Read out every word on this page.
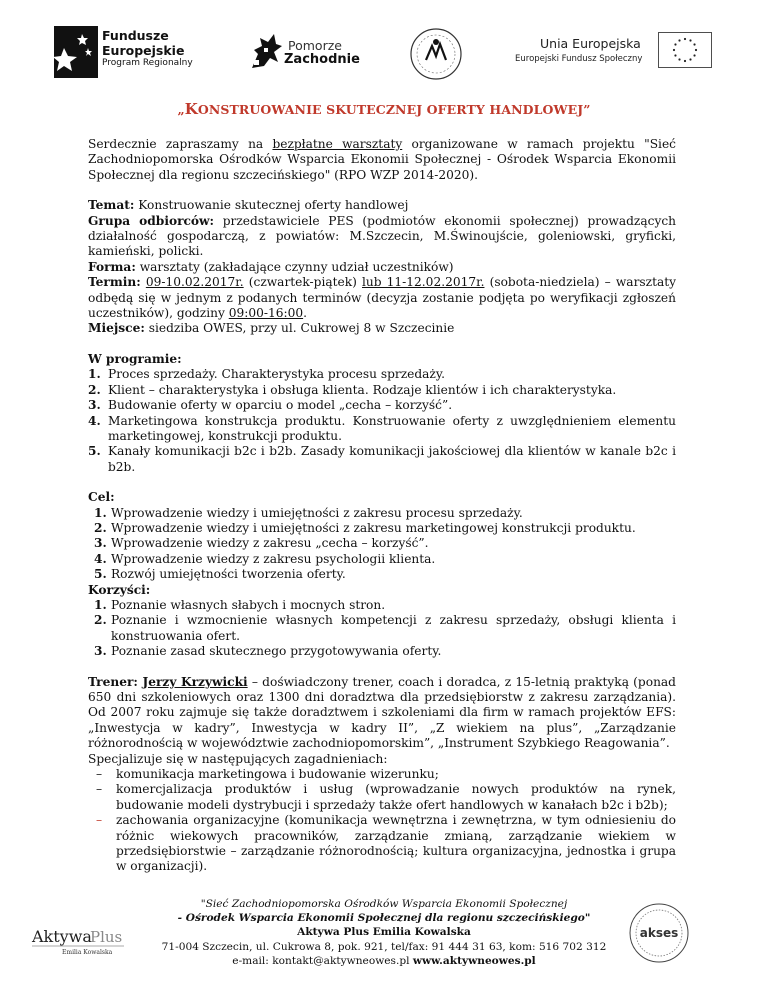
Fundusze
Europejskie
Program Regionalny
Pomorze
Zachodnie
Unia Europejska
Europejski Fundusz Społeczny
„KONSTRUOWANIE SKUTECZNEJ OFERTY HANDLOWEJ”

Serdecznie zapraszamy na bezpłatne warsztaty organizowane w ramach projektu "Sieć Zachodniopomorska Ośrodków Wsparcia Ekonomii Społecznej - Ośrodek Wsparcia Ekonomii Społecznej dla regionu szczecińskiego" (RPO WZP 2014-2020).

Temat: Konstruowanie skutecznej oferty handlowej

Grupa odbiorców: przedstawiciele PES (podmiotów ekonomii społecznej) prowadzących działalność gospodarczą, z powiatów: M.Szczecin, M.Świnoujście, goleniowski, gryficki, kamieński, policki.

Forma: warsztaty (zakładające czynny udział uczestników)

Termin: 09-10.02.2017r. (czwartek-piątek) lub 11-12.02.2017r. (sobota-niedziela) – warsztaty odbędą się w jednym z podanych terminów (decyzja zostanie podjęta po weryfikacji zgłoszeń uczestników), godziny 09:00-16:00.

Miejsce: siedziba OWES, przy ul. Cukrowej 8 w Szczecinie

W programie:

1. Proces sprzedaży. Charakterystyka procesu sprzedaży.
2. Klient – charakterystyka i obsługa klienta. Rodzaje klientów i ich charakterystyka.
3. Budowanie oferty w oparciu o model „cecha – korzyść”.
4. Marketingowa konstrukcja produktu. Konstruowanie oferty z uwzględnieniem elementu marketingowej, konstrukcji produktu.
5. Kanały komunikacji b2c i b2b. Zasady komunikacji jakościowej dla klientów w kanale b2c i b2b.

Cel:

1. Wprowadzenie wiedzy i umiejętności z zakresu procesu sprzedaży.
2. Wprowadzenie wiedzy i umiejętności z zakresu marketingowej konstrukcji produktu.
3. Wprowadzenie wiedzy z zakresu „cecha – korzyść”.
4. Wprowadzenie wiedzy z zakresu psychologii klienta.
5. Rozwój umiejętności tworzenia oferty.

Korzyści:

1. Poznanie własnych słabych i mocnych stron.
2. Poznanie i wzmocnienie własnych kompetencji z zakresu sprzedaży, obsługi klienta i konstruowania ofert.
3. Poznanie zasad skutecznego przygotowywania oferty.

Trener: Jerzy Krzywicki – doświadczony trener, coach i doradca, z 15-letnią praktyką (ponad 650 dni szkoleniowych oraz 1300 dni doradztwa dla przedsiębiorstw z zakresu zarządzania). Od 2007 roku zajmuje się także doradztwem i szkoleniami dla firm w ramach projektów EFS: „Inwestycja w kadry”, Inwestycja w kadry II”, „Z wiekiem na plus”, „Zarządzanie różnorodnością w województwie zachodniopomorskim”, „Instrument Szybkiego Reagowania”.

Specjalizuje się w następujących zagadnieniach:

– komunikacja marketingowa i budowanie wizerunku;
– komercjalizacja produktów i usług (wprowadzanie nowych produktów na rynek, budowanie modeli dystrybucji i sprzedaży także ofert handlowych w kanałach b2c i b2b);
– zachowania organizacyjne (komunikacja wewnętrzna i zewnętrzna, w tym odniesieniu do różnic wiekowych pracowników, zarządzanie zmianą, zarządzanie wiekiem w przedsiębiorstwie – zarządzanie różnorodnością; kultura organizacyjna, jednostka i grupa w organizacji).
Aktywa
Plus
Emilia Kowalska
"Sieć Zachodniopomorska Ośrodków Wsparcia Ekonomii Społecznej
- Ośrodek Wsparcia Ekonomii Społecznej dla regionu szczecińskiego"
Aktywa Plus Emilia Kowalska
71-004 Szczecin, ul. Cukrowa 8, pok. 921, tel/fax: 91 444 31 63, kom: 516 702 312
e-mail: kontakt@aktywneowes.pl www.aktywneowes.pl
akses
